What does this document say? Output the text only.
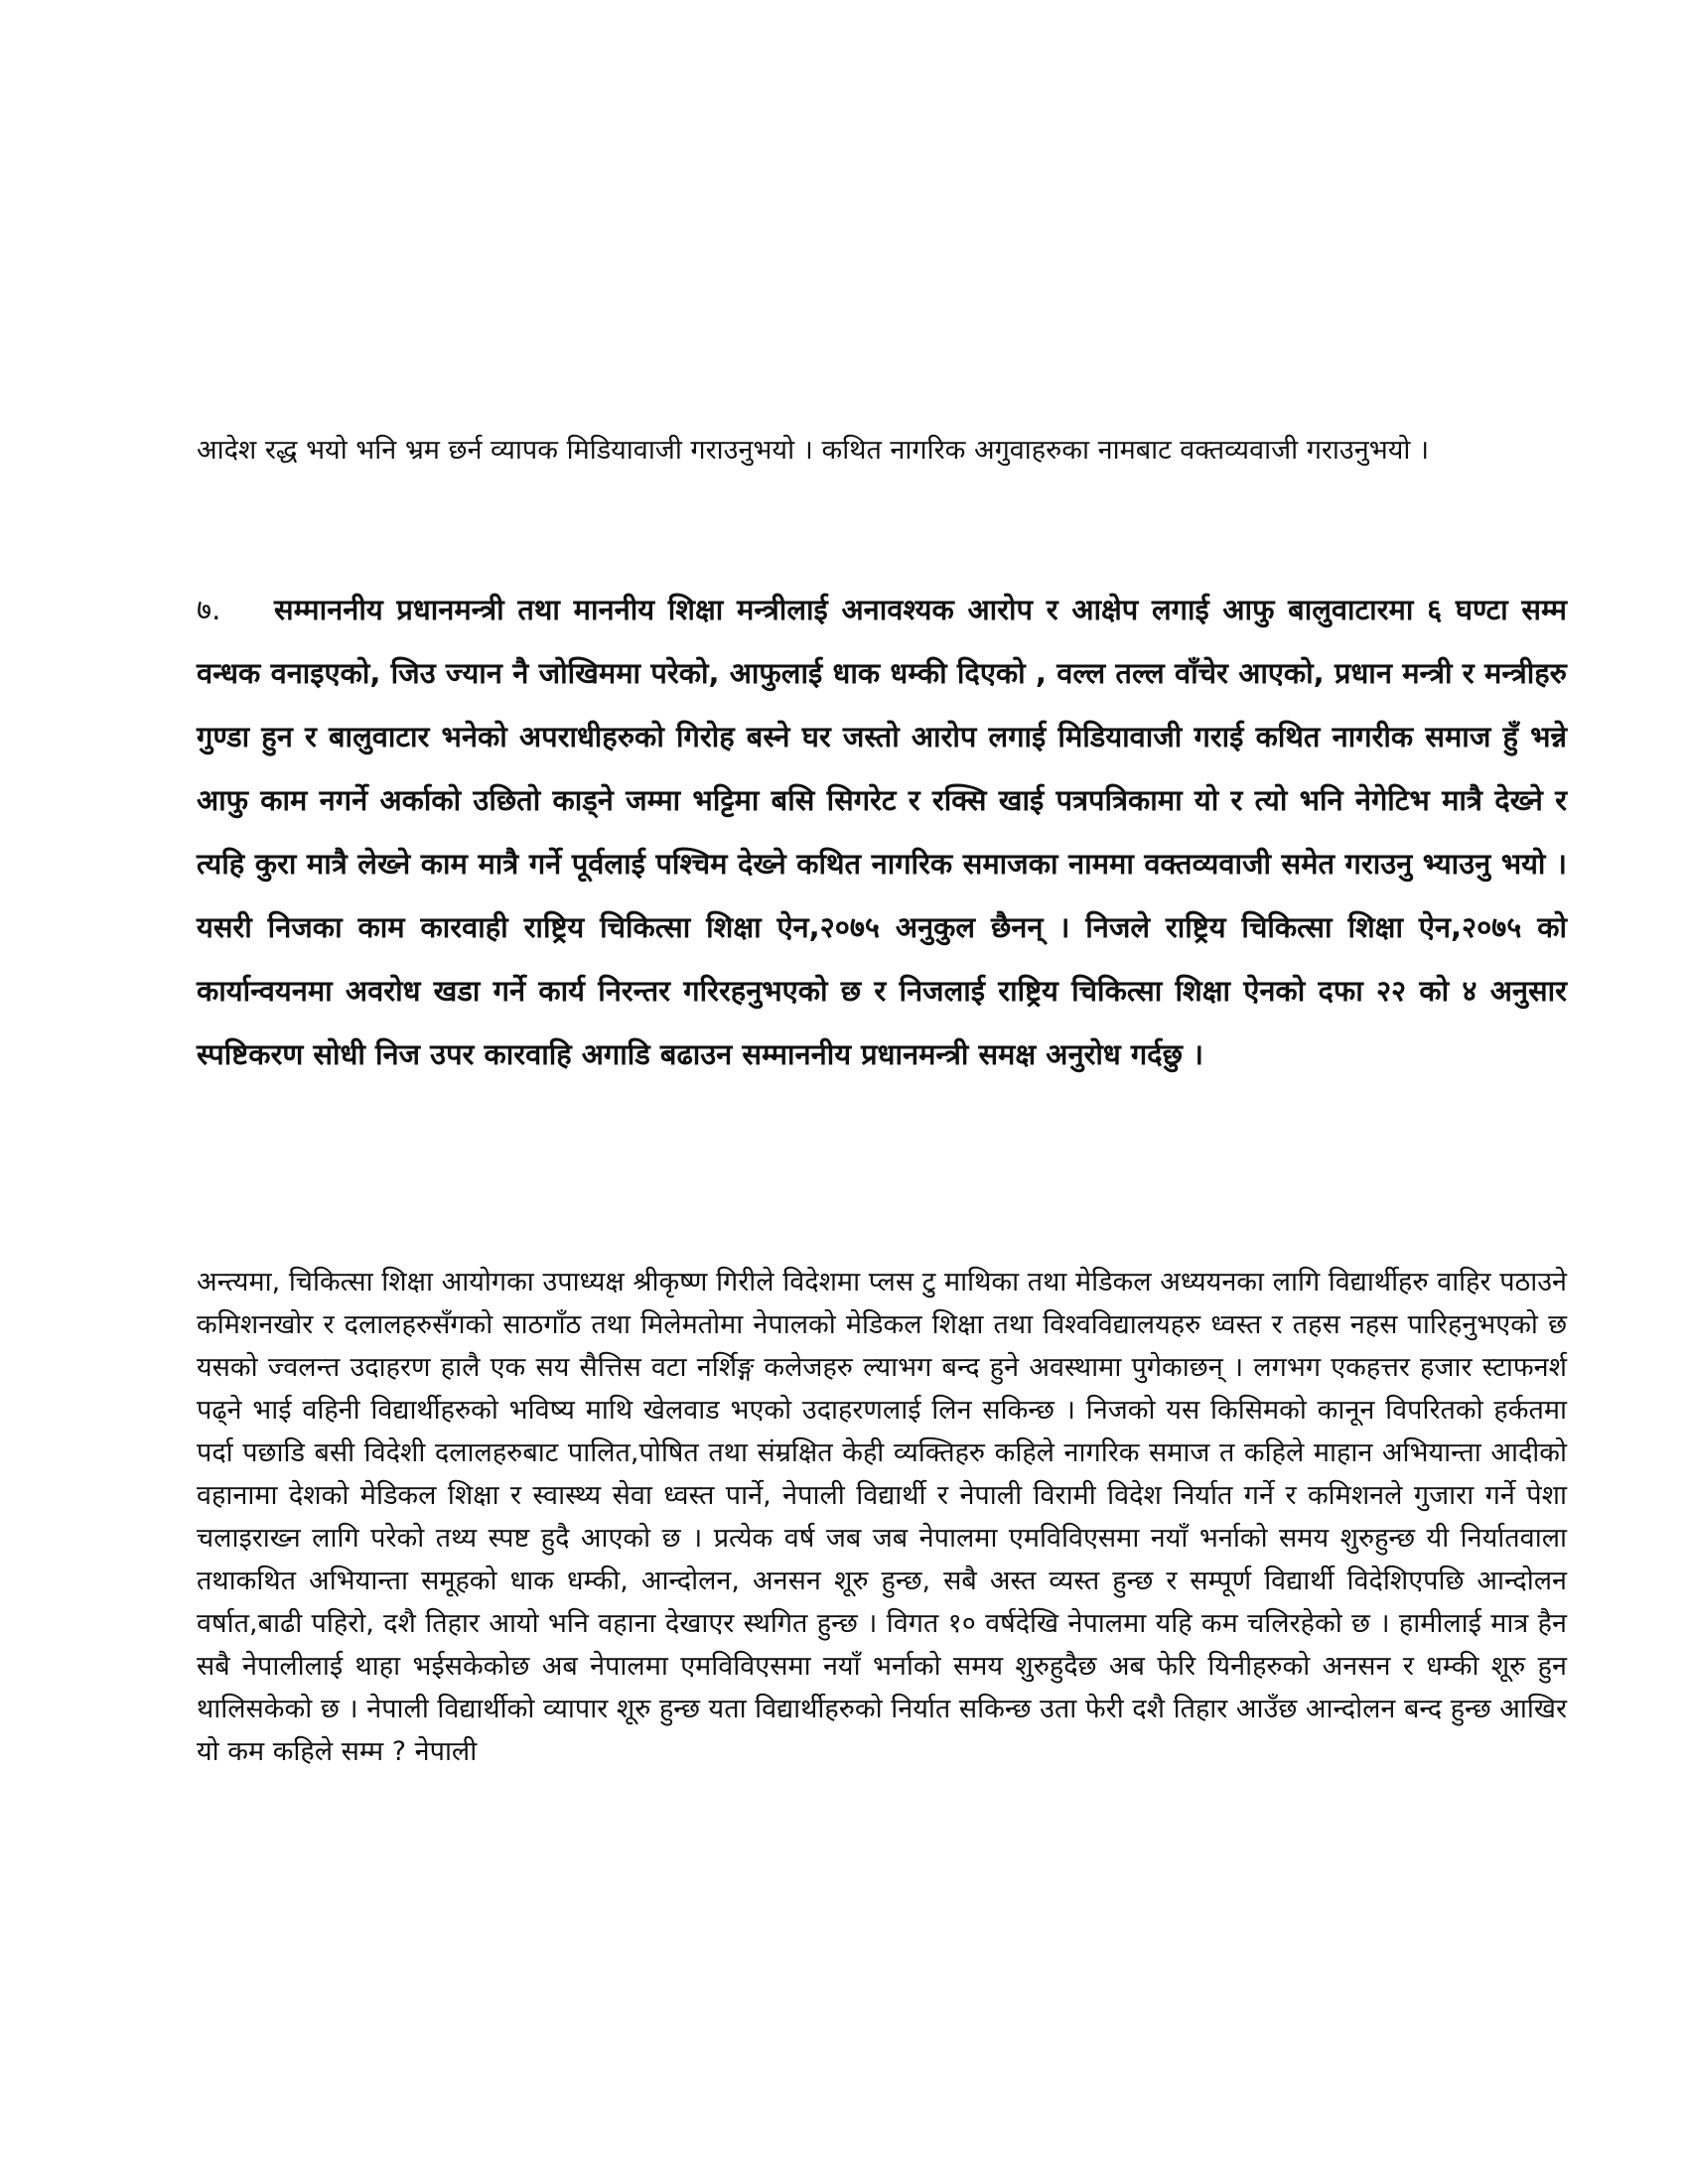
आदेश रद्ध भयो भनि भ्रम छर्न व्यापक मिडियावाजी गराउनुभयो । कथित नागरिक अगुवाहरुका नामबाट वक्तव्यवाजी गराउनुभयो ।

७. सम्माननीय प्रधानमन्त्री तथा माननीय शिक्षा मन्त्रीलाई अनावश्यक आरोप र आक्षेप लगाई आफु बालुवाटारमा ६ घण्टा सम्म वन्धक वनाइएको, जिउ ज्यान नै जोखिममा परेको, आफुलाई धाक धम्की दिएको , वल्ल तल्ल वाँचेर आएको, प्रधान मन्त्री र मन्त्रीहरु गुण्डा हुन र बालुवाटार भनेको अपराधीहरुको गिरोह बस्ने घर जस्तो आरोप लगाई मिडियावाजी गराई कथित नागरीक समाज हुँ भन्ने आफु काम नगर्ने अर्काको उछितो काड्ने जम्मा भट्टिमा बसि सिगरेट र रक्सि खाई पत्रपत्रिकामा यो र त्यो भनि नेगेटिभ मात्रै देख्ने र त्यहि कुरा मात्रै लेख्ने काम मात्रै गर्ने पूर्वलाई पश्चिम देख्ने कथित नागरिक समाजका नाममा वक्तव्यवाजी समेत गराउनु भ्याउनु भयो । यसरी निजका काम कारवाही राष्ट्रिय चिकित्सा शिक्षा ऐन,२०७५ अनुकुल छैनन् । निजले राष्ट्रिय चिकित्सा शिक्षा ऐन,२०७५ को कार्यान्वयनमा अवरोध खडा गर्ने कार्य निरन्तर गरिरहनुभएको छ र निजलाई राष्ट्रिय चिकित्सा शिक्षा ऐनको दफा २२ को ४ अनुसार स्पष्टिकरण सोधी निज उपर कारवाहि अगाडि बढाउन सम्माननीय प्रधानमन्त्री समक्ष अनुरोध गर्दछु ।

अन्त्यमा, चिकित्सा शिक्षा आयोगका उपाध्यक्ष श्रीकृष्ण गिरीले विदेशमा प्लस टु माथिका तथा मेडिकल अध्ययनका लागि विद्यार्थीहरु वाहिर पठाउने कमिशनखोर र दलालहरुसँगको साठगाँठ तथा मिलेमतोमा नेपालको मेडिकल शिक्षा तथा विश्वविद्यालयहरु ध्वस्त र तहस नहस पारिहनुभएको छ यसको ज्वलन्त उदाहरण हालै एक सय सैत्तिस वटा नर्शिङ्ग कलेजहरु ल्याभग बन्द हुने अवस्थामा पुगेकाछन् । लगभग एकहत्तर हजार स्टाफनर्श पढ्ने भाई वहिनी विद्यार्थीहरुको भविष्य माथि खेलवाड भएको उदाहरणलाई लिन सकिन्छ । निजको यस किसिमको कानून विपरितको हर्कतमा पर्दा पछाडि बसी विदेशी दलालहरुबाट पालित,पोषित तथा संम्रक्षित केही व्यक्तिहरु कहिले नागरिक समाज त कहिले माहान अभियान्ता आदीको वहानामा देशको मेडिकल शिक्षा र स्वास्थ्य सेवा ध्वस्त पार्ने, नेपाली विद्यार्थी र नेपाली विरामी विदेश निर्यात गर्ने र कमिशनले गुजारा गर्ने पेशा चलाइराख्न लागि परेको तथ्य स्पष्ट हुदै आएको छ । प्रत्येक वर्ष जब जब नेपालमा एमविविएसमा नयाँ भर्नाको समय शुरुहुन्छ यी निर्यातवाला तथाकथित अभियान्ता समूहको धाक धम्की, आन्दोलन, अनसन शूरु हुन्छ, सबै अस्त व्यस्त हुन्छ र सम्पूर्ण विद्यार्थी विदेशिएपछि आन्दोलन वर्षात,बाढी पहिरो, दशै तिहार आयो भनि वहाना देखाएर स्थगित हुन्छ । विगत १० वर्षदेखि नेपालमा यहि कम चलिरहेको छ । हामीलाई मात्र हैन सबै नेपालीलाई थाहा भईसकेकोछ अब नेपालमा एमविविएसमा नयाँ भर्नाको समय शुरुहुदैछ अब फेरि यिनीहरुको अनसन र धम्की शूरु हुन थालिसकेको छ । नेपाली विद्यार्थीको व्यापार शूरु हुन्छ यता विद्यार्थीहरुको निर्यात सकिन्छ उता फेरी दशै तिहार आउँछ आन्दोलन बन्द हुन्छ आखिर यो कम कहिले सम्म ? नेपाली
